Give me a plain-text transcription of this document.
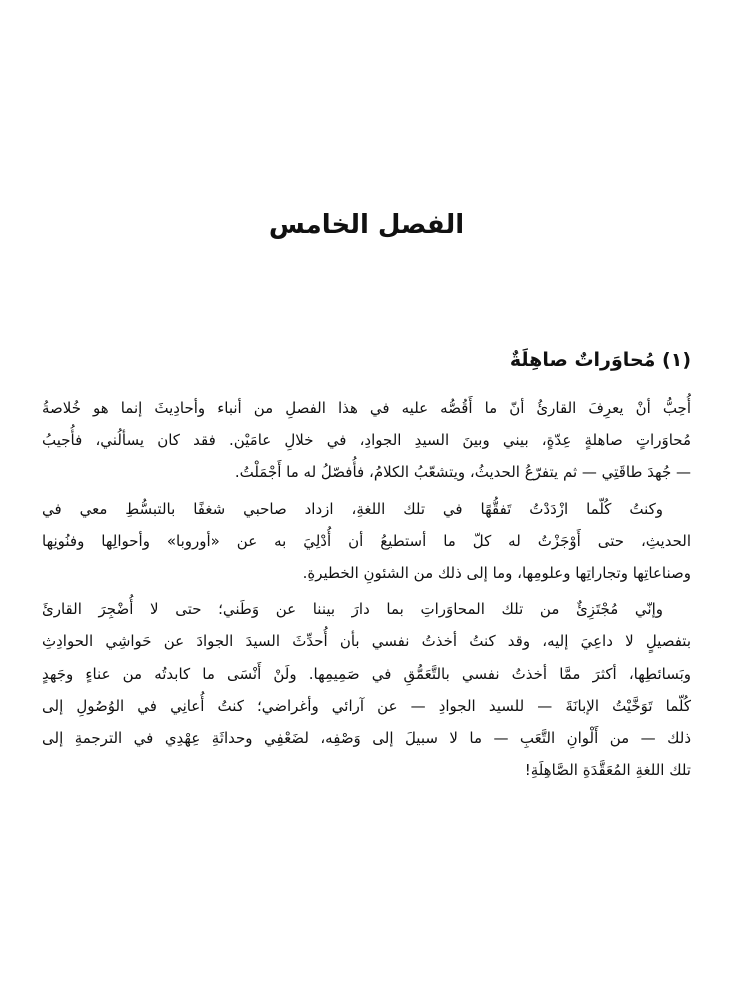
الفصل الخامس
(١) مُحاوَراتٌ صاهِلَةٌ
أُحِبُّ أنْ يعرِفَ القارئُ أنّ ما أَقُصُّه عليه في هذا الفصلِ من أنباء وأحادِيثَ إنما هو خُلاصةُ
مُحاوَراتٍ صاهلةٍ عِدّةٍ، بيني وبينَ السيدِ الجوادِ، في خلالِ عامَيْن. فقد كان يسألُني، فأُجيبُ
— جُهدَ طاقَتِي — ثم يتفرّعُ الحديثُ، ويتشعّبُ الكلامُ، فأُفصّلُ له ما أَجْمَلْتُ.
وكنتُ كُلّما ازْدَدْتُ تَفقُّهًا في تلك اللغةِ، ازداد صاحبي شغفًا بالتبسُّطِ معي في
الحديثِ، حتى أَوْجَزْتُ له كلّ ما أستطيعُ أن أُدْلِيَ به عن «أوروبا» وأحوالِها وفنُونِها
وصناعاتِها وتجاراتِها وعلومِها، وما إلى ذلك من الشئونِ الخطيرةِ.
وإنّي مُجْتَزِئٌ من تلك المحاوَراتِ بما دارَ بيننا عن وَطَني؛ حتى لا أُضْجِرَ القارئَ
بتفصيلٍ لا داعِيَ إليه، وقد كنتُ أخذتُ نفسي بأن أُحدِّثَ السيدَ الجوادَ عن حَواشِي الحوادِثِ
وبَسائطِها، أكثرَ ممَّا أخذتُ نفسي بالتَّعَمُّقِ في صَمِيمِها. ولَنْ أَنْسَى ما كابدتُه من عناءٍ وجَهدٍ
كُلّما تَوَخَّيْتُ الإبانَةَ — للسيد الجوادِ — عن آرائي وأغراضي؛ كنتُ أُعانِي في الوُصُولِ إلى
ذلك — من أَلْوانِ التَّعَبِ — ما لا سبيلَ إلى وَصْفِه، لضَعْفِي وحداثَةِ عِهْدِي في الترجمةِ إلى
تلك اللغةِ المُعَقَّدَةِ الصَّاهِلَةِ!
